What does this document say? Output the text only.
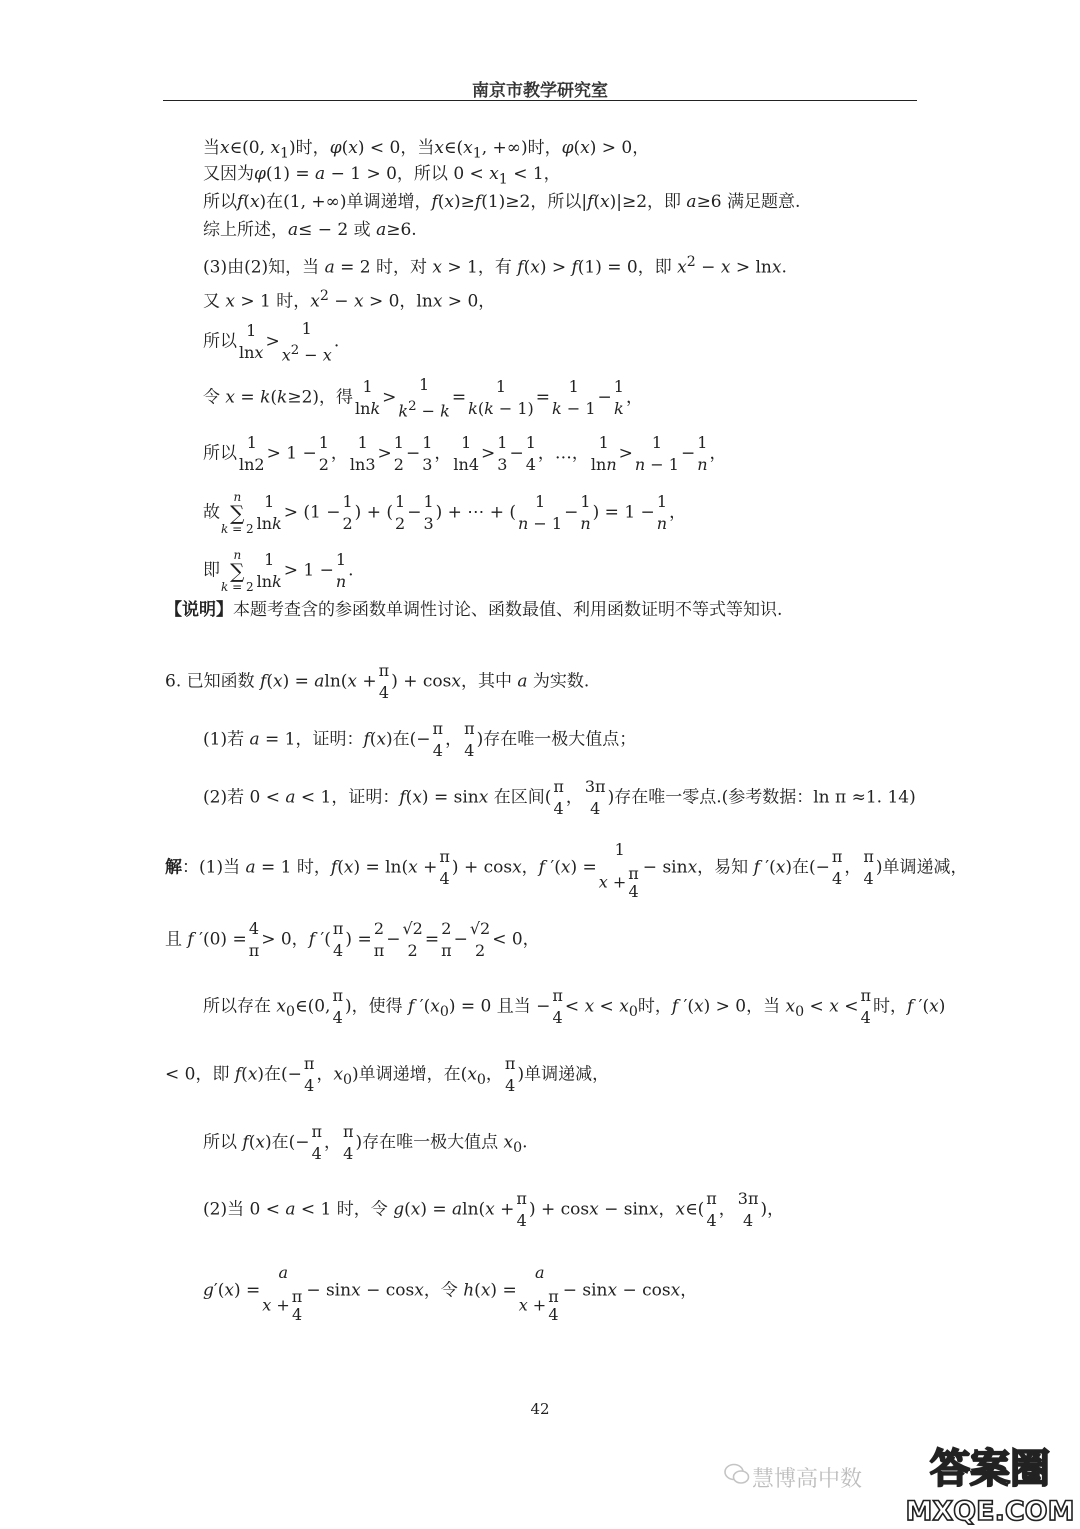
南京市教学研究室
当x∈(0, $x_1$)时，φ(x) < 0，当$x\in(x_1$, +∞)时，φ(x) > 0，
又因为φ(1) = a − 1 > 0，所以 $0 < x_1 < 1$，
所以f(x)在(1, +∞)单调递增，f(x)≥f(1)≥2，所以|f(x)|≥2，即 a≥6 满足题意.
综上所述，a≤ − 2 或 a≥6.
(3)由(2)知，当 a = 2 时，对 x > 1，有 f(x) > f(1) = 0，即 $x^2 - x > \ln x$.
又 x > 1 时，$x^2 - x > 0$，lnx > 0，
所以
1
lnx
>
1
$x^2 - x$
.
令 x = k(k≥2)，得
1
lnk
>
1
$k^2 - k$
=
1
k(k − 1)
=
1
k − 1
−
1
k
，
所以
1
ln2
> 1 −
1
2
，
1
ln3
>
1
2
−
1
3
，
1
ln4
>
1
3
−
1
4
，…，
1
lnn
>
1
n − 1
−
1
n
，
故n
∑
k = 2
1
lnk
> (1 −
1
2
) + (
1
2
−
1
3
) + ⋯ + (
1
n − 1
−
1
n
) = 1 −
1
n
，
即n
∑
k = 2
1
lnk
> 1 −
1
n
.
【说明】本题考查含的参函数单调性讨论、函数最值、利用函数证明不等式等知识.
6. 已知函数 f(x) = aln(x +
π
4
) + cosx，其中 a 为实数.
(1)若 a = 1，证明：f(x)在(−
π
4
，
π
4
)存在唯一极大值点；
(2)若 0 < a < 1，证明：f(x) = sinx 在区间(
π
4
，
3π
4
)存在唯一零点.(参考数据：ln π ≈1. 14)
解：(1)当 a = 1 时，f(x) = ln(x +
π
4
) + cosx，f ′(x) =
1
x + π
4
− sinx，易知 f ′(x)在(−
π
4
，
π
4
)单调递减，
且 f ′(0) =
4
π
> 0，f ′(
π
4
) =
2
π
−
√2
2
=
2
π
−
√2
2
< 0，
所以存在 $x_0\in(0$,
π
4
)，使得 f $'(x_0) = 0$ 且当 −
π
4
< $x < x_0$时，f ′(x) > 0，当 $x_0 < x$ <
π
4
时，f ′(x)
< 0，即 f(x)在(−
π
4
，$x_0$)单调递增，在($x_0$，
π
4
)单调递减，
所以 f(x)在(−
π
4
，
π
4
)存在唯一极大值点 $x_0$.
(2)当 0 < a < 1 时，令 g(x) = aln(x +
π
4
) + cosx − sinx，x∈(
π
4
，
3π
4
)，
g′(x) =
a
x + π
4
− sinx − cosx，令 h(x) =
a
x + π
4
− sinx − cosx，
42
慧博高中数 答案圈
MXQE.COM
